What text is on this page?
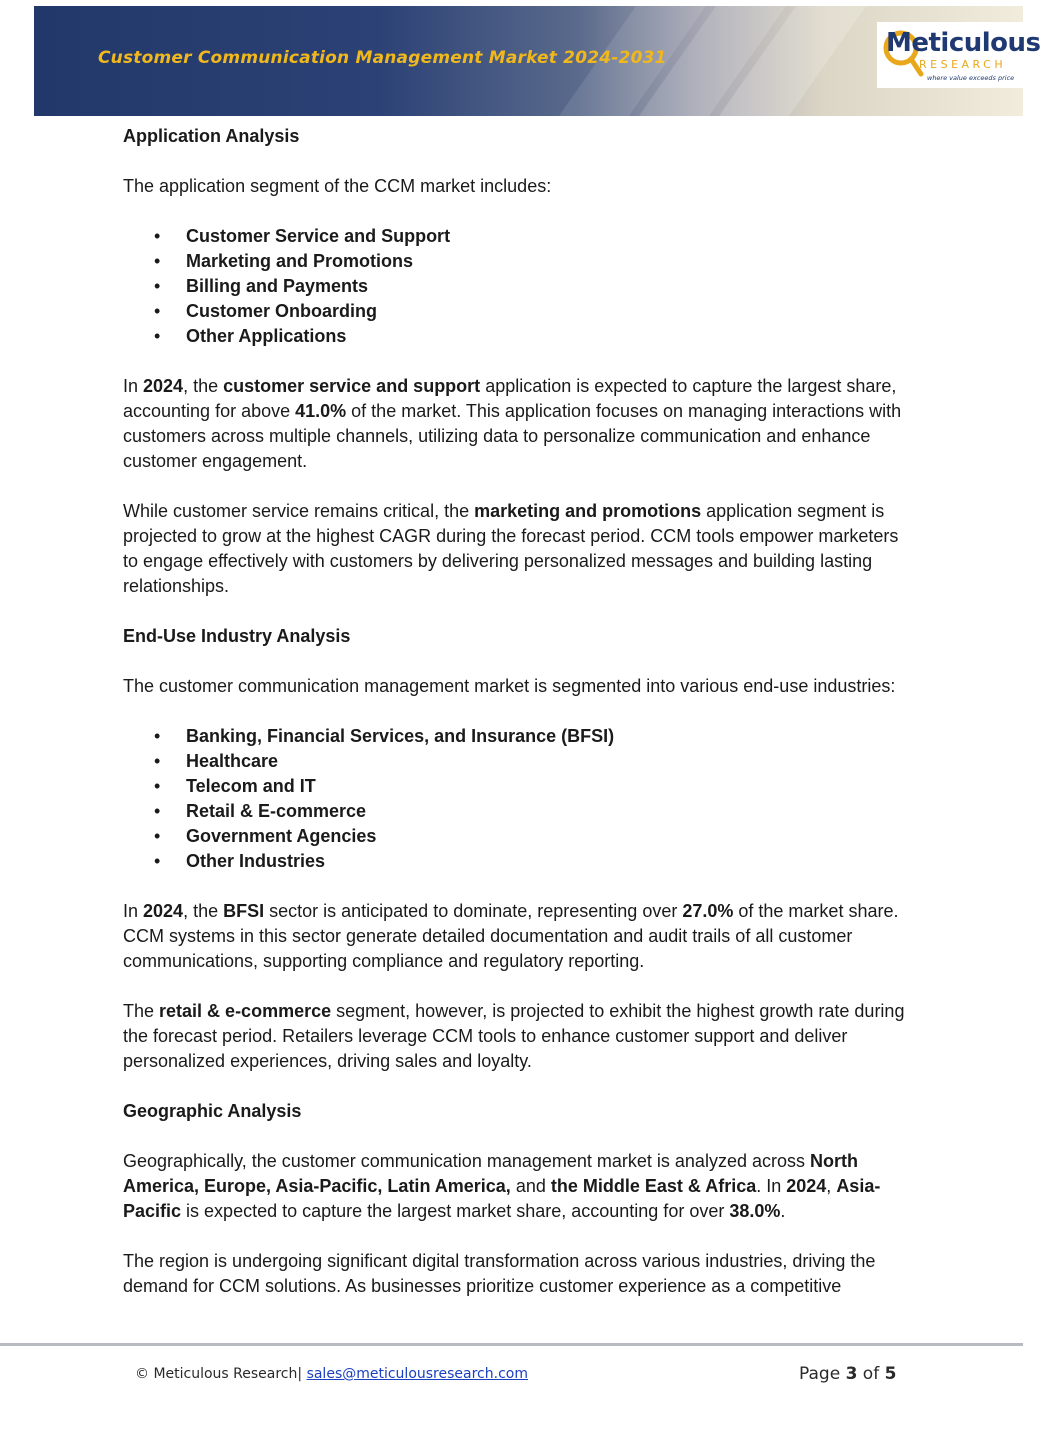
Customer Communication Management Market 2024-2031	Meticulous
RESEARCH
where value exceeds price
Application Analysis

The application segment of the CCM market includes:

• Customer Service and Support
• Marketing and Promotions
• Billing and Payments
• Customer Onboarding
• Other Applications

In 2024, the customer service and support application is expected to capture the largest share, accounting for above 41.0% of the market. This application focuses on managing interactions with customers across multiple channels, utilizing data to personalize communication and enhance customer engagement.

While customer service remains critical, the marketing and promotions application segment is projected to grow at the highest CAGR during the forecast period. CCM tools empower marketers to engage effectively with customers by delivering personalized messages and building lasting relationships.

End-Use Industry Analysis

The customer communication management market is segmented into various end-use industries:

• Banking, Financial Services, and Insurance (BFSI)
• Healthcare
• Telecom and IT
• Retail & E-commerce
• Government Agencies
• Other Industries

In 2024, the BFSI sector is anticipated to dominate, representing over 27.0% of the market share. CCM systems in this sector generate detailed documentation and audit trails of all customer communications, supporting compliance and regulatory reporting.

The retail & e-commerce segment, however, is projected to exhibit the highest growth rate during the forecast period. Retailers leverage CCM tools to enhance customer support and deliver personalized experiences, driving sales and loyalty.

Geographic Analysis

Geographically, the customer communication management market is analyzed across North America, Europe, Asia-Pacific, Latin America, and the Middle East & Africa. In 2024, Asia-Pacific is expected to capture the largest market share, accounting for over 38.0%.

The region is undergoing significant digital transformation across various industries, driving the demand for CCM solutions. As businesses prioritize customer experience as a competitive

© Meticulous Research| sales@meticulousresearch.com	Page 3 of 5
